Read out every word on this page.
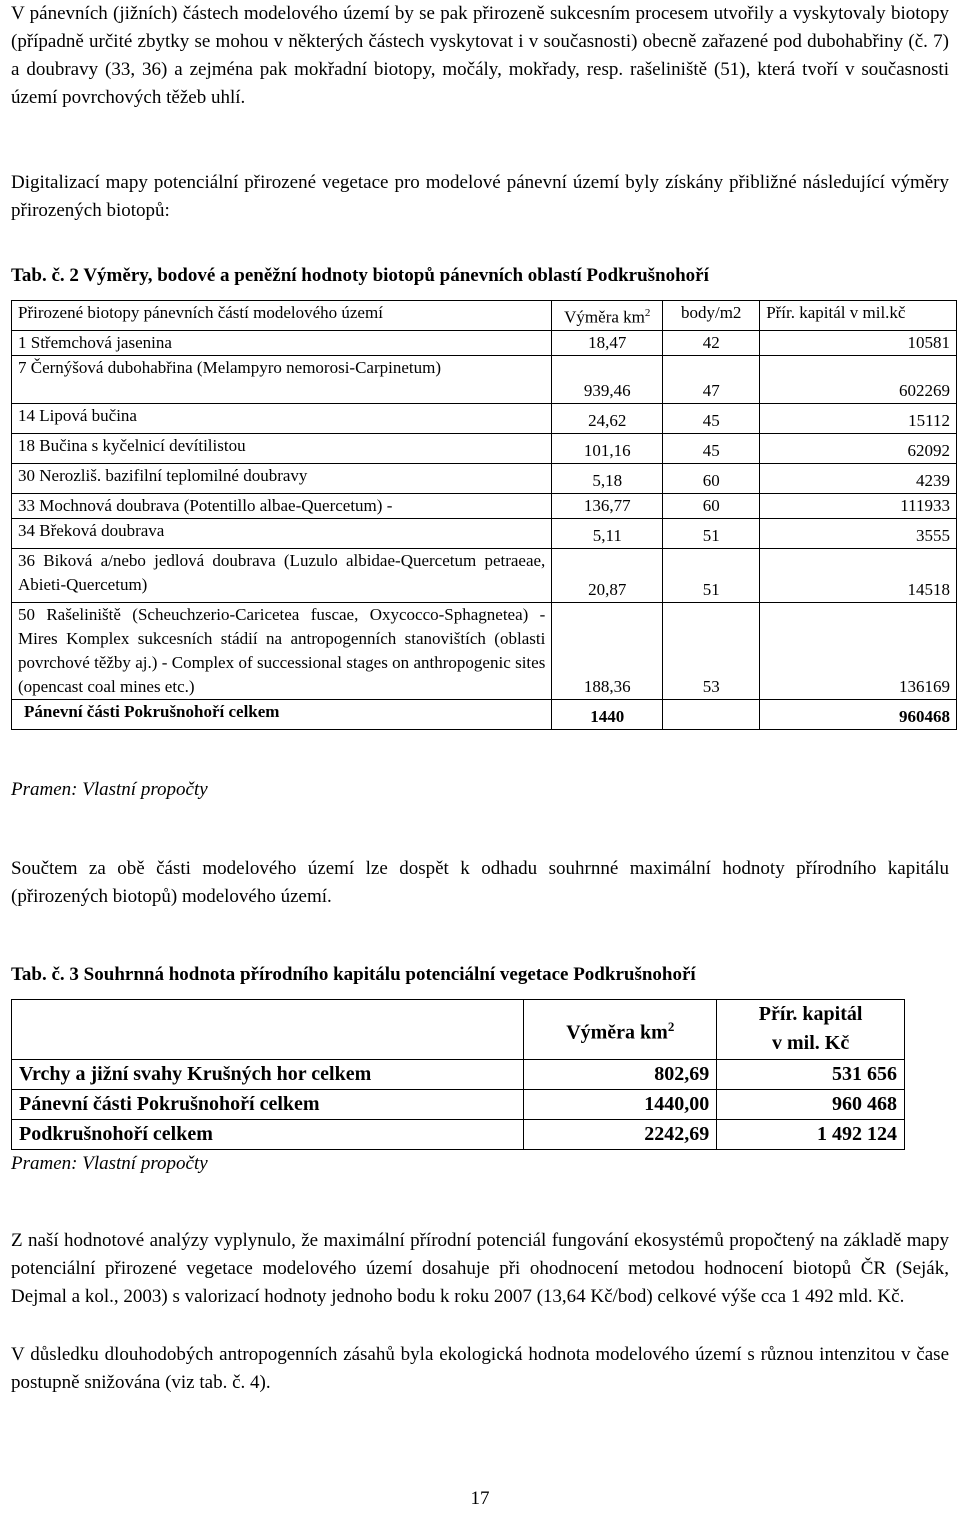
V pánevních (jižních) částech modelového území by se pak přirozeně sukcesním procesem utvořily a vyskytovaly biotopy (případně určité zbytky se mohou v některých částech vyskytovat i v současnosti) obecně zařazené pod dubohabřiny (č. 7) a doubravy (33, 36) a zejména pak mokřadní biotopy, močály, mokřady, resp. rašeliniště (51), která tvoří v současnosti území povrchových těžeb uhlí.

Digitalizací mapy potenciální přirozené vegetace pro modelové pánevní území byly získány přibližné následující výměry přirozených biotopů:

Tab. č. 2 Výměry, bodové a peněžní hodnoty biotopů pánevních oblastí Podkrušnohoří

Přirozené biotopy pánevních částí modelového území	Výměra $km^2$	body/m2	Přír. kapitál v mil.kč
1 Střemchová jasenina	18,47	42	10581
7 Černýšová dubohabřina (Melampyro nemorosi-Carpinetum)	939,46	47	602269
14 Lipová bučina	24,62	45	15112
18 Bučina s kyčelnicí devítilistou	101,16	45	62092
30 Nerozliš. bazifilní teplomilné doubravy	5,18	60	4239
33 Mochnová doubrava (Potentillo albae-Quercetum) -	136,77	60	111933
34 Břeková doubrava	5,11	51	3555
36 Biková a/nebo jedlová doubrava (Luzulo albidae-Quercetum petraeae, Abieti-Quercetum)	20,87	51	14518
50 Rašeliniště (Scheuchzerio-Caricetea fuscae, Oxycocco-Sphagnetea) - Mires Komplex sukcesních stádií na antropogenních stanovištích (oblasti povrchové těžby aj.) - Complex of successional stages on anthropogenic sites (opencast coal mines etc.)	188,36	53	136169
Pánevní části Pokrušnohoří celkem	1440		960468

Pramen: Vlastní propočty

Součtem za obě části modelového území lze dospět k odhadu souhrnné maximální hodnoty přírodního kapitálu (přirozených biotopů) modelového území.

Tab. č. 3 Souhrnná hodnota přírodního kapitálu potenciální vegetace Podkrušnohoří

	Výměra $km^2$	Přír. kapitál
v mil. Kč

Vrchy a jižní svahy Krušných hor celkem	802,69	531 656
Pánevní části Pokrušnohoří celkem	1440,00	960 468
Podkrušnohoří celkem	2242,69	1 492 124

Pramen: Vlastní propočty

Z naší hodnotové analýzy vyplynulo, že maximální přírodní potenciál fungování ekosystémů propočtený na základě mapy potenciální přirozené vegetace modelového území dosahuje při ohodnocení metodou hodnocení biotopů ČR (Seják, Dejmal a kol., 2003) s valorizací hodnoty jednoho bodu k roku 2007 (13,64 Kč/bod) celkové výše cca 1 492 mld. Kč.

V důsledku dlouhodobých antropogenních zásahů byla ekologická hodnota modelového území s různou intenzitou v čase postupně snižována (viz tab. č. 4).

17
